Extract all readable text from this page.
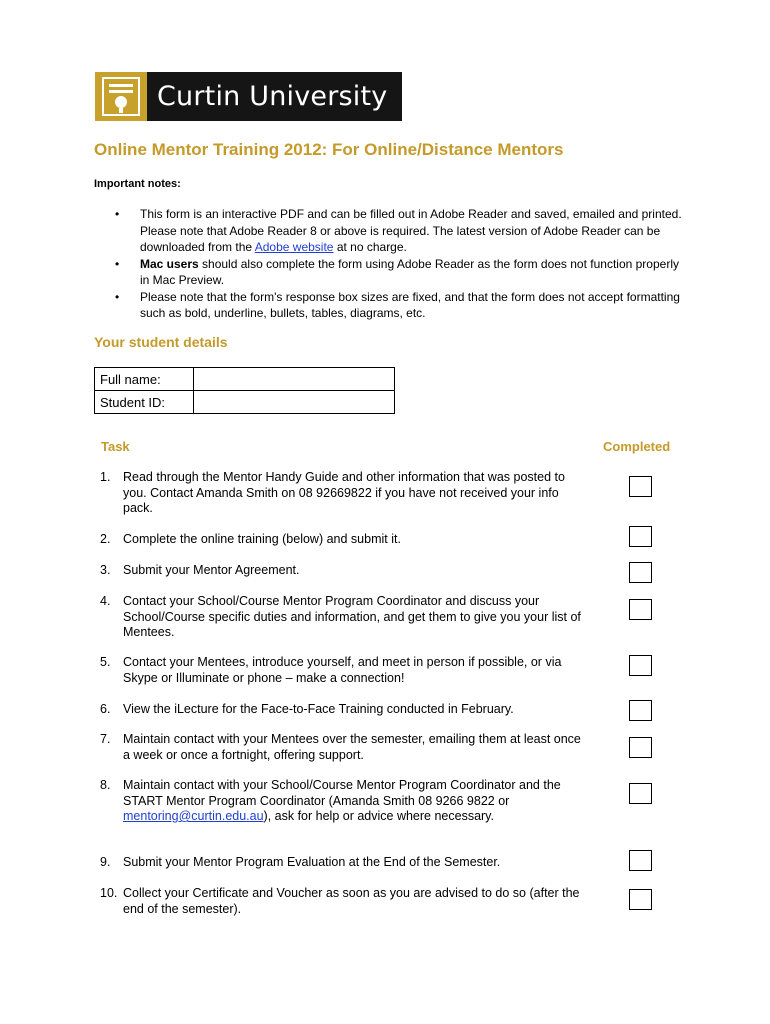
Curtin University
Online Mentor Training 2012: For Online/Distance Mentors
Important notes:
• This form is an interactive PDF and can be filled out in Adobe Reader and saved, emailed and printed. Please note that Adobe Reader 8 or above is required. The latest version of Adobe Reader can be downloaded from the Adobe website at no charge.
• Mac users should also complete the form using Adobe Reader as the form does not function properly in Mac Preview.
• Please note that the form's response box sizes are fixed, and that the form does not accept formatting such as bold, underline, bullets, tables, diagrams, etc.
Your student details
Full name:	
Student ID:	
Task	Completed
1. Read through the Mentor Handy Guide and other information that was posted to you. Contact Amanda Smith on 08 92669822 if you have not received your info pack.
2. Complete the online training (below) and submit it.
3. Submit your Mentor Agreement.
4. Contact your School/Course Mentor Program Coordinator and discuss your School/Course specific duties and information, and get them to give you your list of Mentees.
5. Contact your Mentees, introduce yourself, and meet in person if possible, or via Skype or Illuminate or phone – make a connection!
6. View the iLecture for the Face-to-Face Training conducted in February.
7. Maintain contact with your Mentees over the semester, emailing them at least once a week or once a fortnight, offering support.
8. Maintain contact with your School/Course Mentor Program Coordinator and the START Mentor Program Coordinator (Amanda Smith 08 9266 9822 or mentoring@curtin.edu.au), ask for help or advice where necessary.
9. Submit your Mentor Program Evaluation at the End of the Semester.
10. Collect your Certificate and Voucher as soon as you are advised to do so (after the end of the semester).
